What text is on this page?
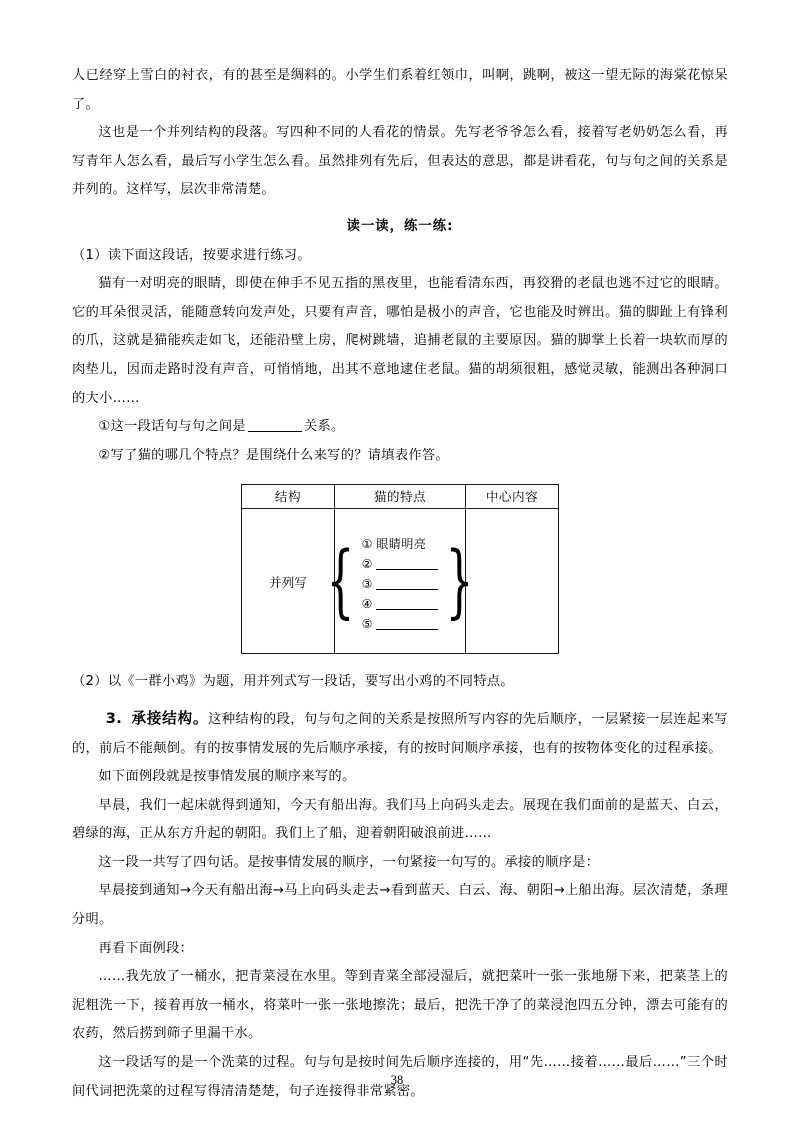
人已经穿上雪白的衬衣，有的甚至是绸料的。小学生们系着红领巾，叫啊，跳啊，被这一望无际的海棠花惊呆了。

这也是一个并列结构的段落。写四种不同的人看花的情景。先写老爷爷怎么看，接着写老奶奶怎么看，再写青年人怎么看，最后写小学生怎么看。虽然排列有先后，但表达的意思，都是讲看花，句与句之间的关系是并列的。这样写，层次非常清楚。

读一读，练一练:

（1）读下面这段话，按要求进行练习。

猫有一对明亮的眼睛，即使在伸手不见五指的黑夜里，也能看清东西，再狡猾的老鼠也逃不过它的眼睛。它的耳朵很灵活，能随意转向发声处，只要有声音，哪怕是极小的声音，它也能及时辨出。猫的脚趾上有锋利的爪，这就是猫能疾走如飞，还能沿壁上房，爬树跳墙，追捕老鼠的主要原因。猫的脚掌上长着一块软而厚的肉垫儿，因而走路时没有声音，可悄悄地，出其不意地逮住老鼠。猫的胡须很粗，感觉灵敏，能测出各种洞口的大小……

①这一段话句与句之间是	关系。

②写了猫的哪几个特点？是围绕什么来写的？请填表作答。

结构	猫的特点	中心内容
并列写	{ ① 眼睛明亮
②
③
④
⑤ }

（2）以《一群小鸡》为题，用并列式写一段话，要写出小鸡的不同特点。

3. 承接结构。这种结构的段，句与句之间的关系是按照所写内容的先后顺序，一层紧接一层连起来写的，前后不能颠倒。有的按事情发展的先后顺序承接，有的按时间顺序承接，也有的按物体变化的过程承接。

如下面例段就是按事情发展的顺序来写的。

早晨，我们一起床就得到通知，今天有船出海。我们马上向码头走去。展现在我们面前的是蓝天、白云，碧绿的海，正从东方升起的朝阳。我们上了船，迎着朝阳破浪前进……

这一段一共写了四句话。是按事情发展的顺序，一句紧接一句写的。承接的顺序是：

早晨接到通知→今天有船出海→马上向码头走去→看到蓝天、白云、海、朝阳→上船出海。层次清楚，条理分明。

再看下面例段：

……我先放了一桶水，把青菜浸在水里。等到青菜全部浸湿后，就把菜叶一张一张地掰下来，把菜茎上的泥粗洗一下，接着再放一桶水，将菜叶一张一张地擦洗；最后，把洗干净了的菜浸泡四五分钟，漂去可能有的农药，然后捞到筛子里漏干水。

这一段话写的是一个洗菜的过程。句与句是按时间先后顺序连接的，用“先……接着……最后……”三个时间代词把洗菜的过程写得清清楚楚，句子连接得非常紧密。

38
